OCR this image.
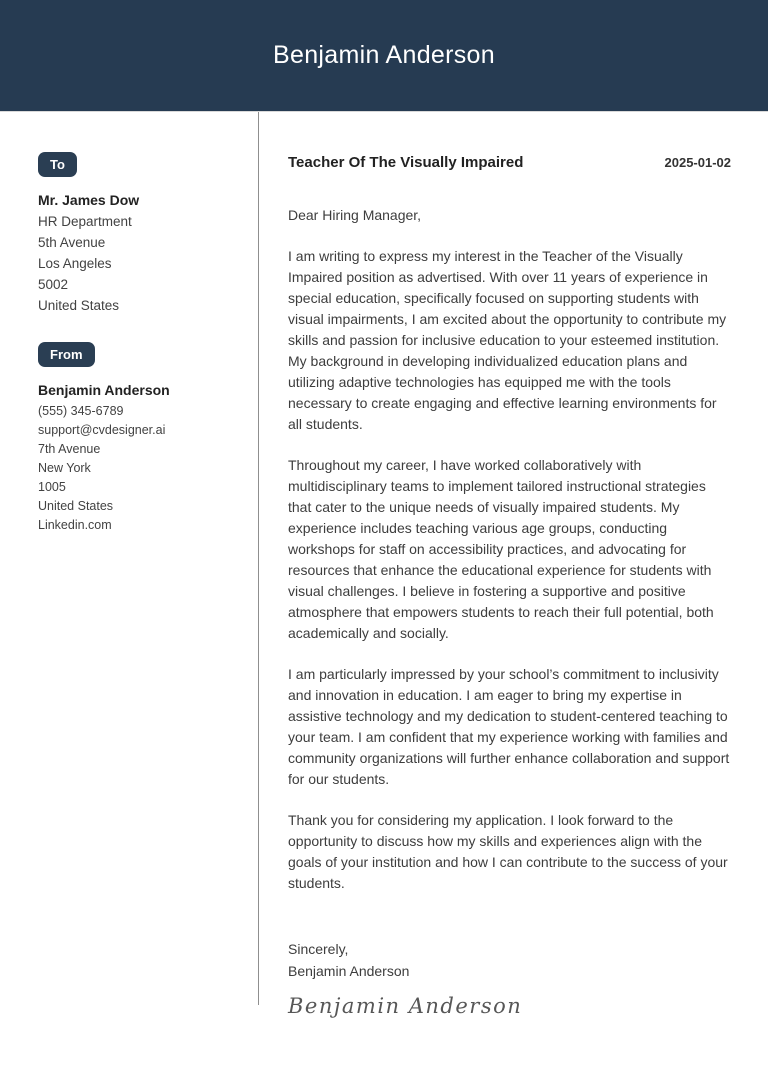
Benjamin Anderson
To
Mr. James Dow
HR Department
5th Avenue
Los Angeles
5002
United States
From
Benjamin Anderson
(555) 345-6789
support@cvdesigner.ai
7th Avenue
New York
1005
United States
Linkedin.com
Teacher Of The Visually Impaired	2025-01-02
Dear Hiring Manager,
I am writing to express my interest in the Teacher of the Visually Impaired position as advertised. With over 11 years of experience in special education, specifically focused on supporting students with visual impairments, I am excited about the opportunity to contribute my skills and passion for inclusive education to your esteemed institution. My background in developing individualized education plans and utilizing adaptive technologies has equipped me with the tools necessary to create engaging and effective learning environments for all students.
Throughout my career, I have worked collaboratively with multidisciplinary teams to implement tailored instructional strategies that cater to the unique needs of visually impaired students. My experience includes teaching various age groups, conducting workshops for staff on accessibility practices, and advocating for resources that enhance the educational experience for students with visual challenges. I believe in fostering a supportive and positive atmosphere that empowers students to reach their full potential, both academically and socially.
I am particularly impressed by your school’s commitment to inclusivity and innovation in education. I am eager to bring my expertise in assistive technology and my dedication to student-centered teaching to your team. I am confident that my experience working with families and community organizations will further enhance collaboration and support for our students.
Thank you for considering my application. I look forward to the opportunity to discuss how my skills and experiences align with the goals of your institution and how I can contribute to the success of your students.
Sincerely,
Benjamin Anderson
Benjamin Anderson
